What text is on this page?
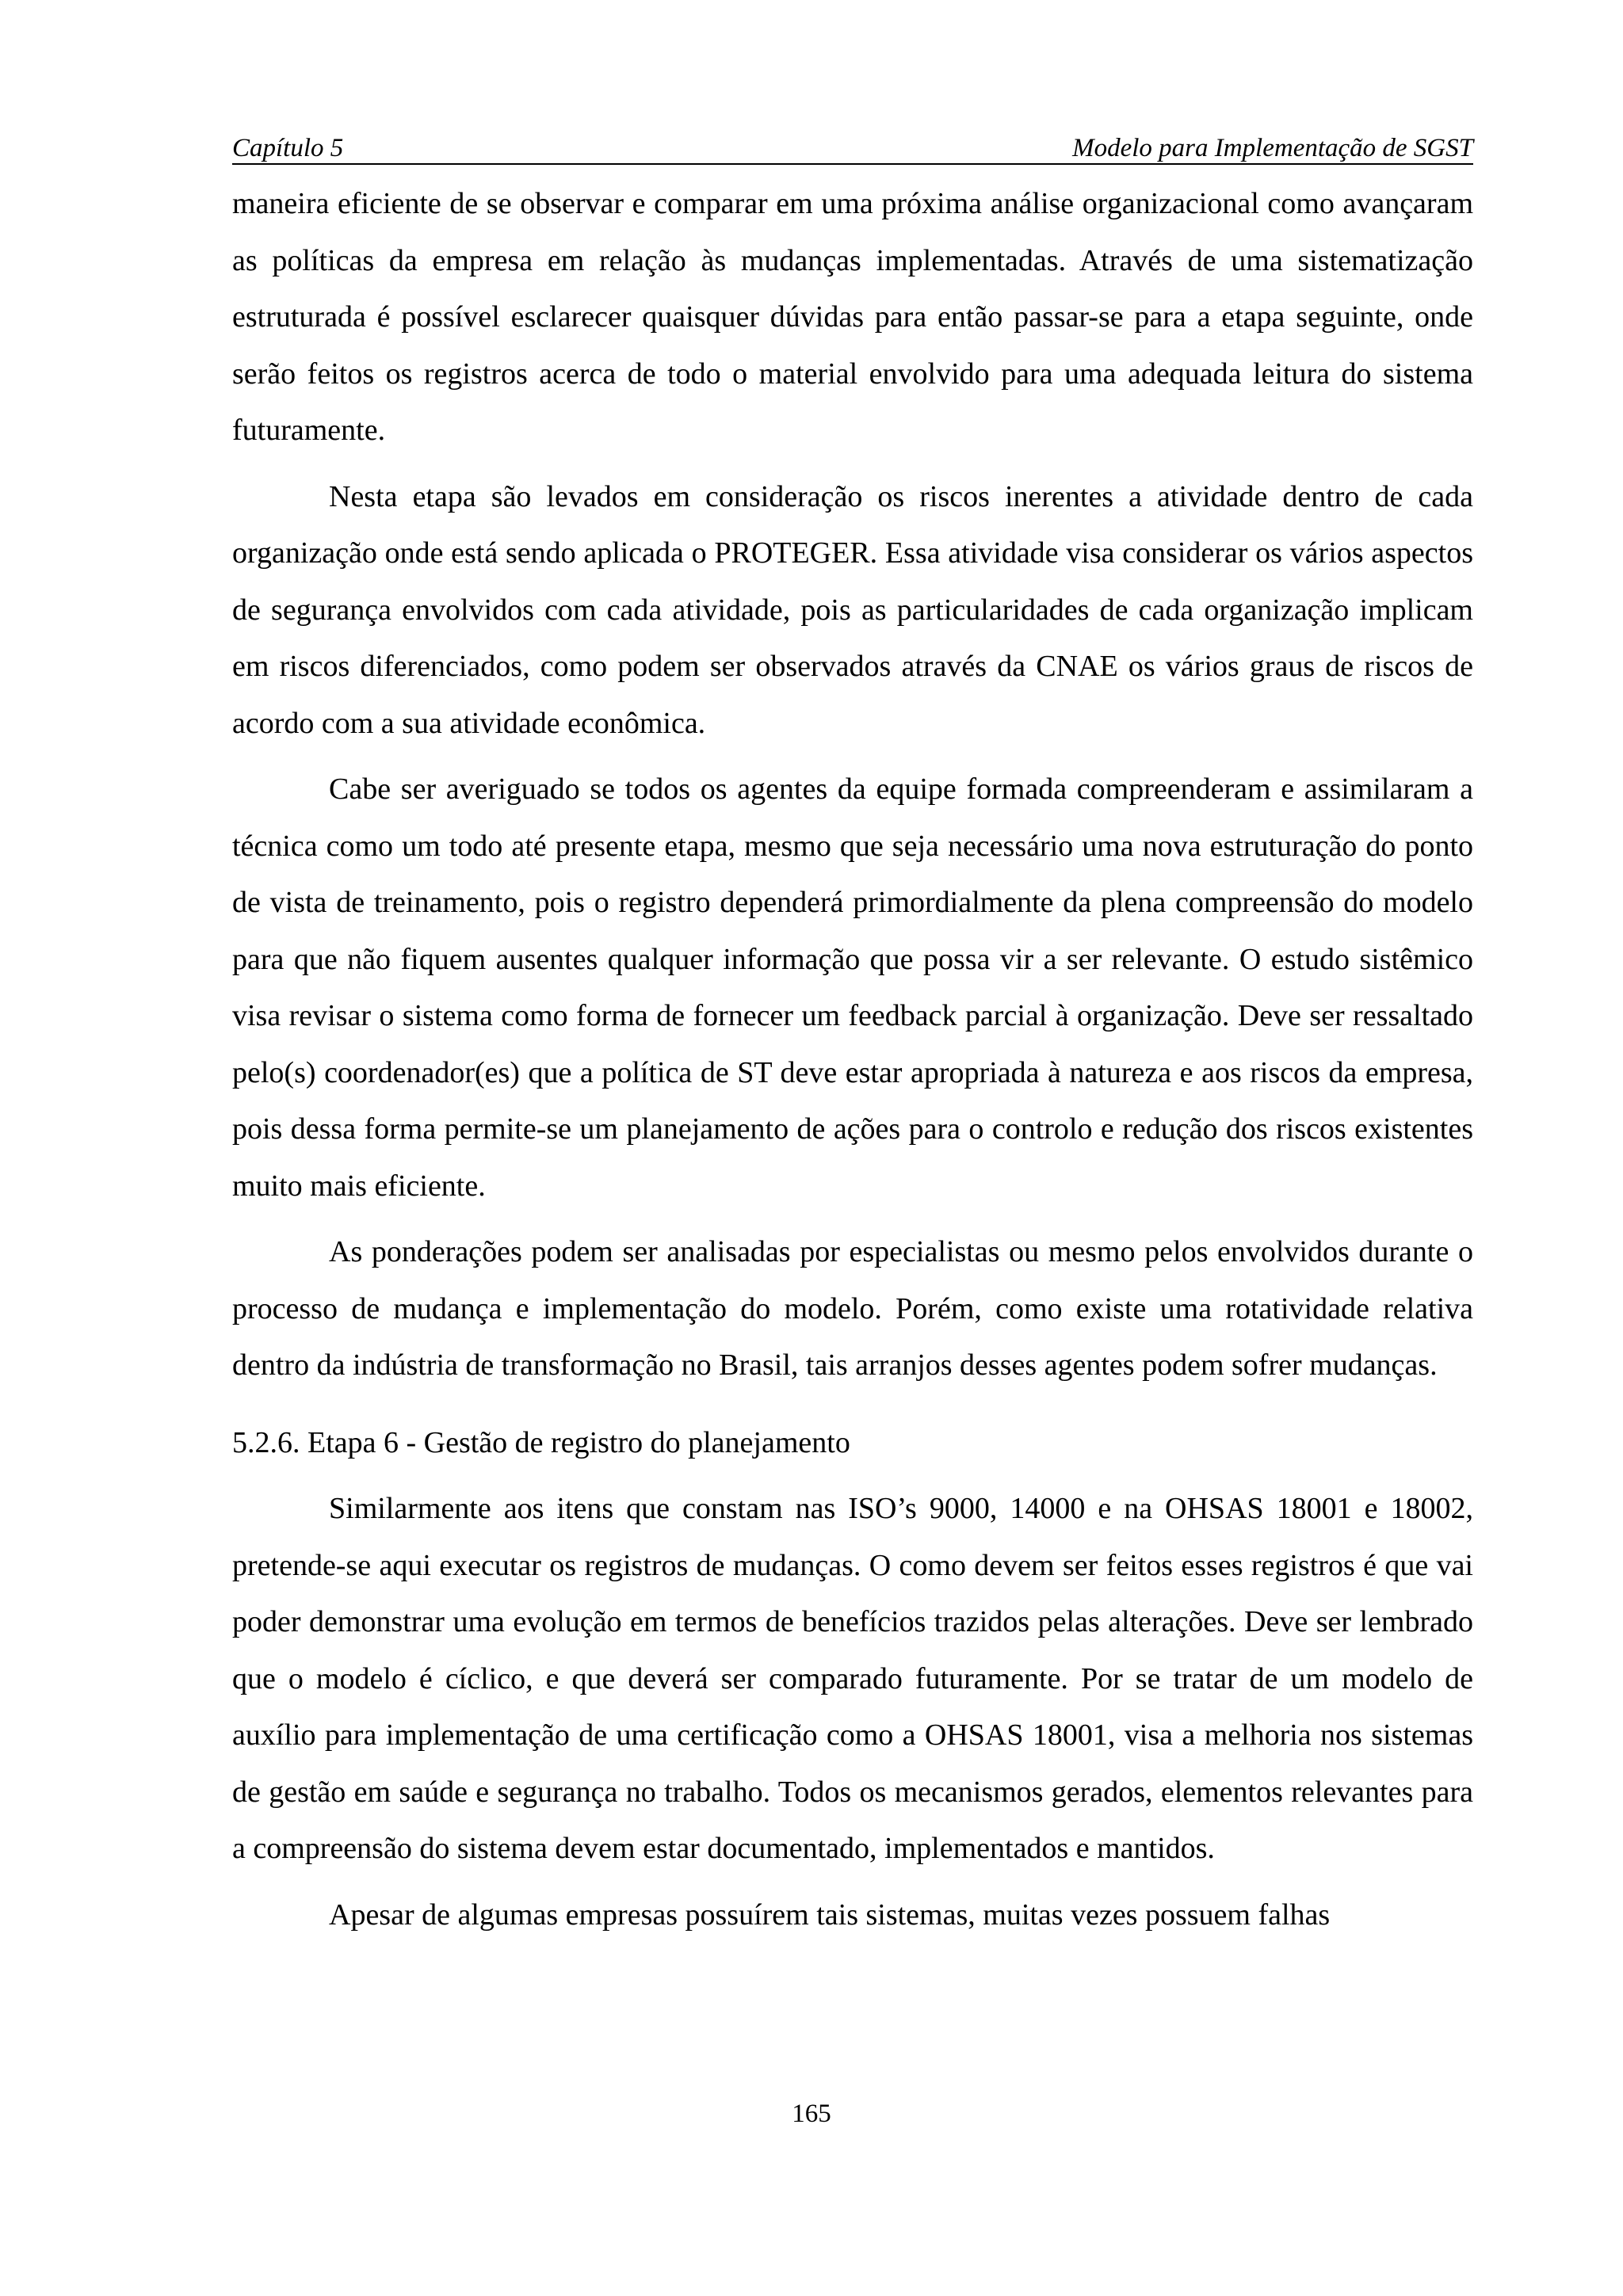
Capítulo 5	Modelo para Implementação de SGST

maneira eficiente de se observar e comparar em uma próxima análise organizacional como avançaram as políticas da empresa em relação às mudanças implementadas. Através de uma sistematização estruturada é possível esclarecer quaisquer dúvidas para então passar-se para a etapa seguinte, onde serão feitos os registros acerca de todo o material envolvido para uma adequada leitura do sistema futuramente.

Nesta etapa são levados em consideração os riscos inerentes a atividade dentro de cada organização onde está sendo aplicada o PROTEGER. Essa atividade visa considerar os vários aspectos de segurança envolvidos com cada atividade, pois as particularidades de cada organização implicam em riscos diferenciados, como podem ser observados através da CNAE os vários graus de riscos de acordo com a sua atividade econômica.

Cabe ser averiguado se todos os agentes da equipe formada compreenderam e assimilaram a técnica como um todo até presente etapa, mesmo que seja necessário uma nova estruturação do ponto de vista de treinamento, pois o registro dependerá primordialmente da plena compreensão do modelo para que não fiquem ausentes qualquer informação que possa vir a ser relevante. O estudo sistêmico visa revisar o sistema como forma de fornecer um feedback parcial à organização. Deve ser ressaltado pelo(s) coordenador(es) que a política de ST deve estar apropriada à natureza e aos riscos da empresa, pois dessa forma permite-se um planejamento de ações para o controlo e redução dos riscos existentes muito mais eficiente.

As ponderações podem ser analisadas por especialistas ou mesmo pelos envolvidos durante o processo de mudança e implementação do modelo. Porém, como existe uma rotatividade relativa dentro da indústria de transformação no Brasil, tais arranjos desses agentes podem sofrer mudanças.

5.2.6. Etapa 6 - Gestão de registro do planejamento

Similarmente aos itens que constam nas ISO’s 9000, 14000 e na OHSAS 18001 e 18002, pretende-se aqui executar os registros de mudanças. O como devem ser feitos esses registros é que vai poder demonstrar uma evolução em termos de benefícios trazidos pelas alterações. Deve ser lembrado que o modelo é cíclico, e que deverá ser comparado futuramente. Por se tratar de um modelo de auxílio para implementação de uma certificação como a OHSAS 18001, visa a melhoria nos sistemas de gestão em saúde e segurança no trabalho. Todos os mecanismos gerados, elementos relevantes para a compreensão do sistema devem estar documentado, implementados e mantidos.

Apesar de algumas empresas possuírem tais sistemas, muitas vezes possuem falhas

165
